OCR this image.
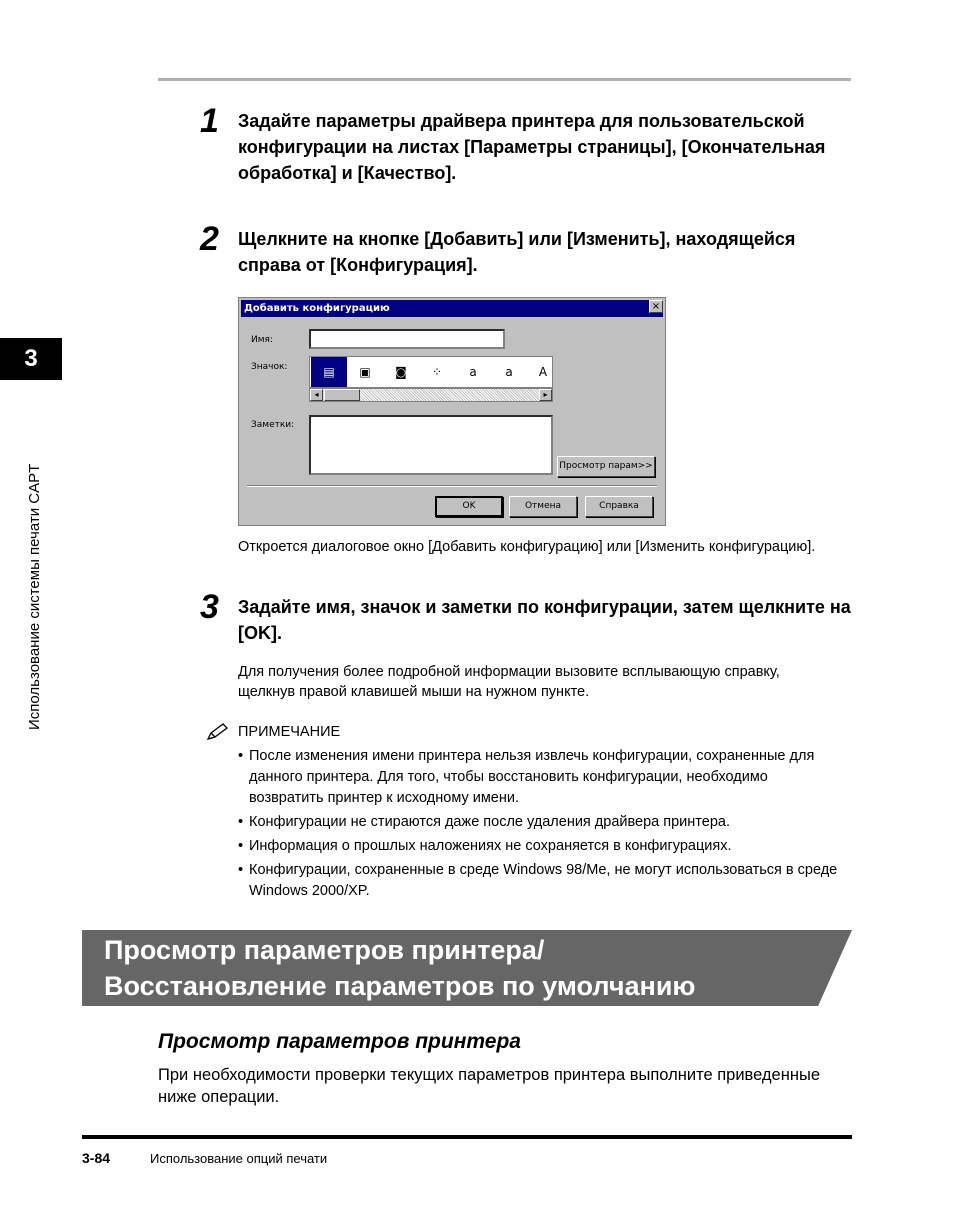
3
Использование системы печати CAPT
1 Задайте параметры драйвера принтера для пользовательской конфигурации на листах [Параметры страницы], [Окончательная обработка] и [Качество].
2 Щелкните на кнопке [Добавить] или [Изменить], находящейся справа от [Конфигурация].
Добавить конфигурацию	×
Имя:
Значок:	▤	▣	◙	⁘	a	a	A
◂	▸
Заметки:
Просмотр парам>>
OK	Отмена	Справка
Откроется диалоговое окно [Добавить конфигурацию] или [Изменить конфигурацию].
3 Задайте имя, значок и заметки по конфигурации, затем щелкните на [OK].
Для получения более подробной информации вызовите всплывающую справку, щелкнув правой клавишей мыши на нужном пункте.
ПРИМЕЧАНИЕ
• После изменения имени принтера нельзя извлечь конфигурации, сохраненные для данного принтера. Для того, чтобы восстановить конфигурации, необходимо возвратить принтер к исходному имени.
• Конфигурации не стираются даже после удаления драйвера принтера.
• Информация о прошлых наложениях не сохраняется в конфигурациях.
• Конфигурации, сохраненные в среде Windows 98/Me, не могут использоваться в среде Windows 2000/XP.
Просмотр параметров принтера/
Восстановление параметров по умолчанию
Просмотр параметров принтера
При необходимости проверки текущих параметров принтера выполните приведенные ниже операции.
3-84	Использование опций печати
